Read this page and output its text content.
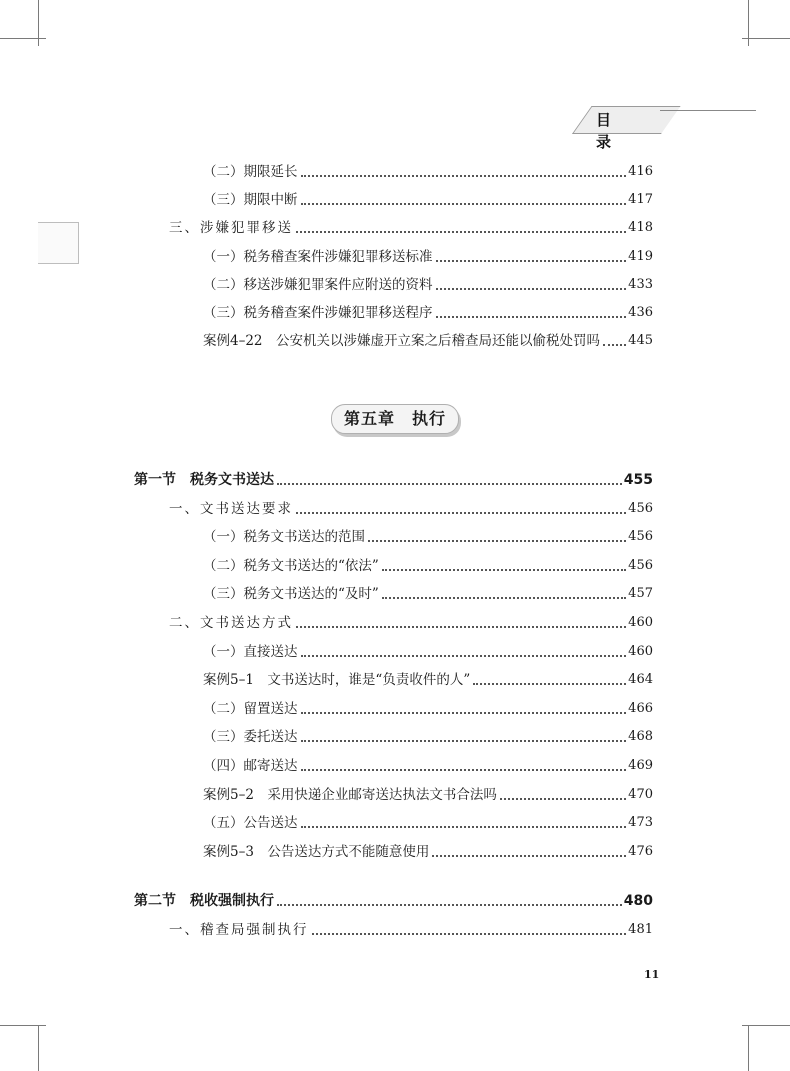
目 录
（二）期限延长	416
（三）期限中断	417
三、涉嫌犯罪移送	418
（一）税务稽查案件涉嫌犯罪移送标准	419
（二）移送涉嫌犯罪案件应附送的资料	433
（三）税务稽查案件涉嫌犯罪移送程序	436
案例4–22　公安机关以涉嫌虚开立案之后稽查局还能以偷税处罚吗 445
第一节　税务文书送达	455
一、文书送达要求	456
（一）税务文书送达的范围	456
（二）税务文书送达的“依法”	456
（三）税务文书送达的“及时”	457
二、文书送达方式	460
（一）直接送达	460
案例5–1　文书送达时，谁是“负责收件的人”	464
（二）留置送达	466
（三）委托送达	468
（四）邮寄送达	469
案例5–2　采用快递企业邮寄送达执法文书合法吗	470
（五）公告送达	473
案例5–3　公告送达方式不能随意使用	476
第二节　税收强制执行	480
一、稽查局强制执行	481
第五章　执行
11
